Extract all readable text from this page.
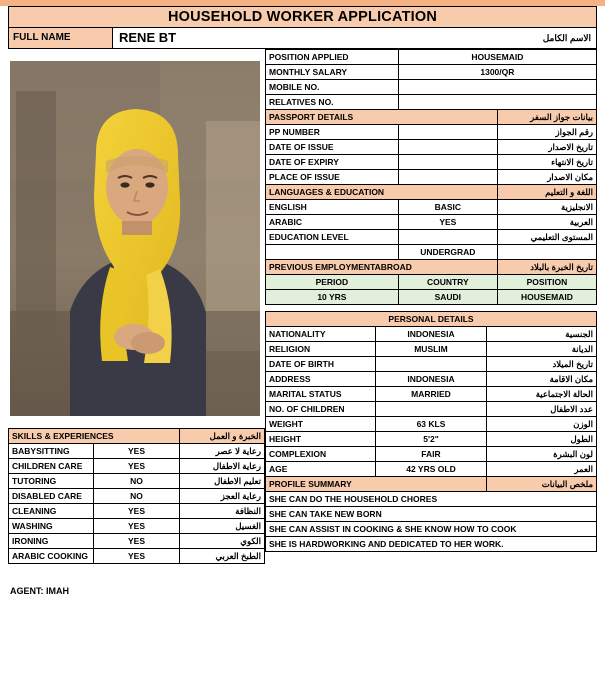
HOUSEHOLD WORKER APPLICATION
FULL NAME	RENE BT	الاسم الكامل
SKILLS & EXPERIENCES		الخبرة و العمل
BABYSITTING	YES	رعاية لا عصر
CHILDREN CARE	YES	رعاية الاطفال
TUTORING	NO	تعليم الاطفال
DISABLED CARE	NO	رعاية العجز
CLEANING	YES	النظافة
WASHING	YES	الغسيل
IRONING	YES	الكوي
ARABIC COOKING	YES	الطبخ العربي
AGENT: IMAH
POSITION APPLIED	HOUSEMAID	
MONTHLY SALARY	1300/QR	
MOBILE NO.		
RELATIVES NO.		
PASSPORT DETAILS		بيانات جواز السفر
PP NUMBER		رقم الجواز
DATE OF ISSUE		تاريخ الاصدار
DATE OF EXPIRY		تاريخ الانتهاء
PLACE OF ISSUE		مكان الاصدار
LANGUAGES & EDUCATION		اللغة و التعليم
ENGLISH	BASIC	الانجليزية
ARABIC	YES	العربية
EDUCATION LEVEL		المستوى التعليمي
	UNDERGRAD	
PREVIOUS EMPLOYMENTABROAD		تاريخ الخبرة بالبلاد
PERIOD	COUNTRY	POSITION
10 YRS	SAUDI	HOUSEMAID
PERSONAL DETAILS		
NATIONALITY	INDONESIA	الجنسية
RELIGION	MUSLIM	الديانة
DATE OF BIRTH		تاريخ الميلاد
ADDRESS	INDONESIA	مكان الاقامة
MARITAL STATUS	MARRIED	الحالة الاجتماعية
NO. OF CHILDREN		عدد الاطفال
WEIGHT	63 KLS	الوزن
HEIGHT	5'2"	الطول
COMPLEXION	FAIR	لون البشرة
AGE	42 YRS OLD	العمر
PROFILE SUMMARY		ملخص البيانات
SHE CAN DO THE HOUSEHOLD CHORES		
SHE CAN TAKE NEW BORN		
SHE CAN ASSIST IN COOKING & SHE KNOW HOW TO COOK		
SHE IS HARDWORKING AND DEDICATED TO HER WORK.		
